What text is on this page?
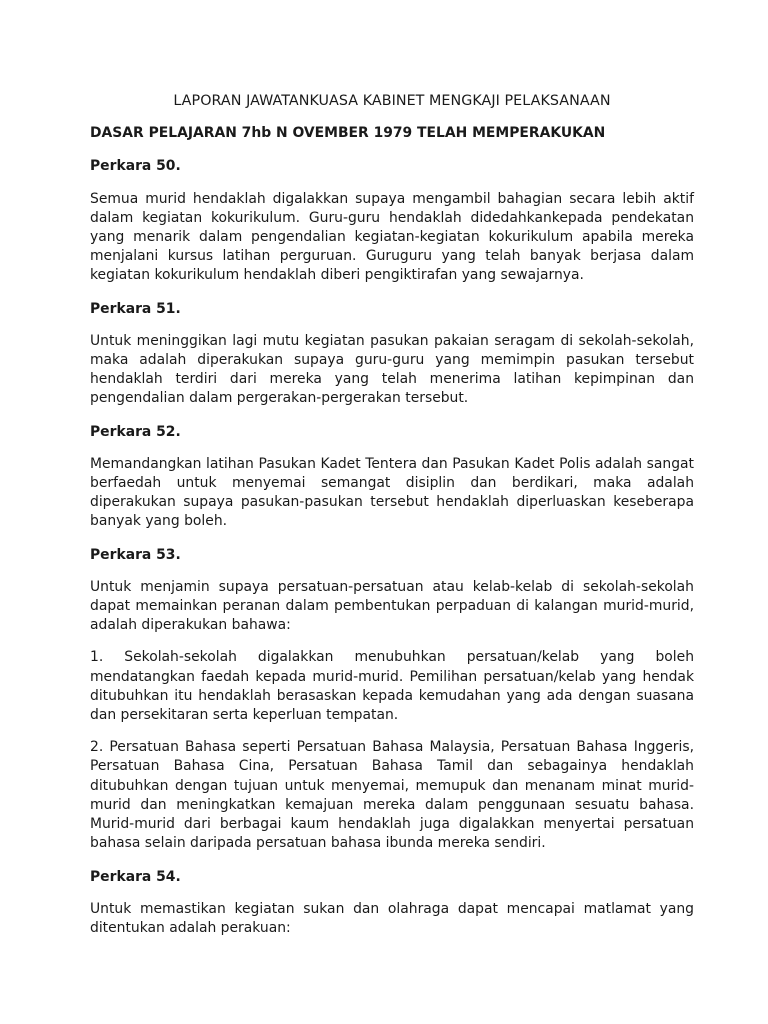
LAPORAN JAWATANKUASA KABINET MENGKAJI PELAKSANAAN

DASAR PELAJARAN 7hb N OVEMBER 1979 TELAH MEMPERAKUKAN

Perkara 50.

Semua murid hendaklah digalakkan supaya mengambil bahagian secara lebih aktif dalam kegiatan kokurikulum. Guru-guru hendaklah didedahkankepada pendekatan yang menarik dalam pengendalian kegiatan-kegiatan kokurikulum apabila mereka menjalani kursus latihan perguruan. Guruguru yang telah banyak berjasa dalam kegiatan kokurikulum hendaklah diberi pengiktirafan yang sewajarnya.

Perkara 51.

Untuk meninggikan lagi mutu kegiatan pasukan pakaian seragam di sekolah-sekolah, maka adalah diperakukan supaya guru-guru yang memimpin pasukan tersebut hendaklah terdiri dari mereka yang telah menerima latihan kepimpinan dan pengendalian dalam pergerakan-pergerakan tersebut.

Perkara 52.

Memandangkan latihan Pasukan Kadet Tentera dan Pasukan Kadet Polis adalah sangat berfaedah untuk menyemai semangat disiplin dan berdikari, maka adalah diperakukan supaya pasukan-pasukan tersebut hendaklah diperluaskan keseberapa banyak yang boleh.

Perkara 53.

Untuk menjamin supaya persatuan-persatuan atau kelab-kelab di sekolah-sekolah dapat memainkan peranan dalam pembentukan perpaduan di kalangan murid-murid, adalah diperakukan bahawa:

1. Sekolah-sekolah digalakkan menubuhkan persatuan/kelab yang boleh mendatangkan faedah kepada murid-murid. Pemilihan persatuan/kelab yang hendak ditubuhkan itu hendaklah berasaskan kepada kemudahan yang ada dengan suasana dan persekitaran serta keperluan tempatan.

2. Persatuan Bahasa seperti Persatuan Bahasa Malaysia, Persatuan Bahasa Inggeris, Persatuan Bahasa Cina, Persatuan Bahasa Tamil dan sebagainya hendaklah ditubuhkan dengan tujuan untuk menyemai, memupuk dan menanam minat murid-murid dan meningkatkan kemajuan mereka dalam penggunaan sesuatu bahasa. Murid-murid dari berbagai kaum hendaklah juga digalakkan menyertai persatuan bahasa selain daripada persatuan bahasa ibunda mereka sendiri.

Perkara 54.

Untuk memastikan kegiatan sukan dan olahraga dapat mencapai matlamat yang ditentukan adalah perakuan:
